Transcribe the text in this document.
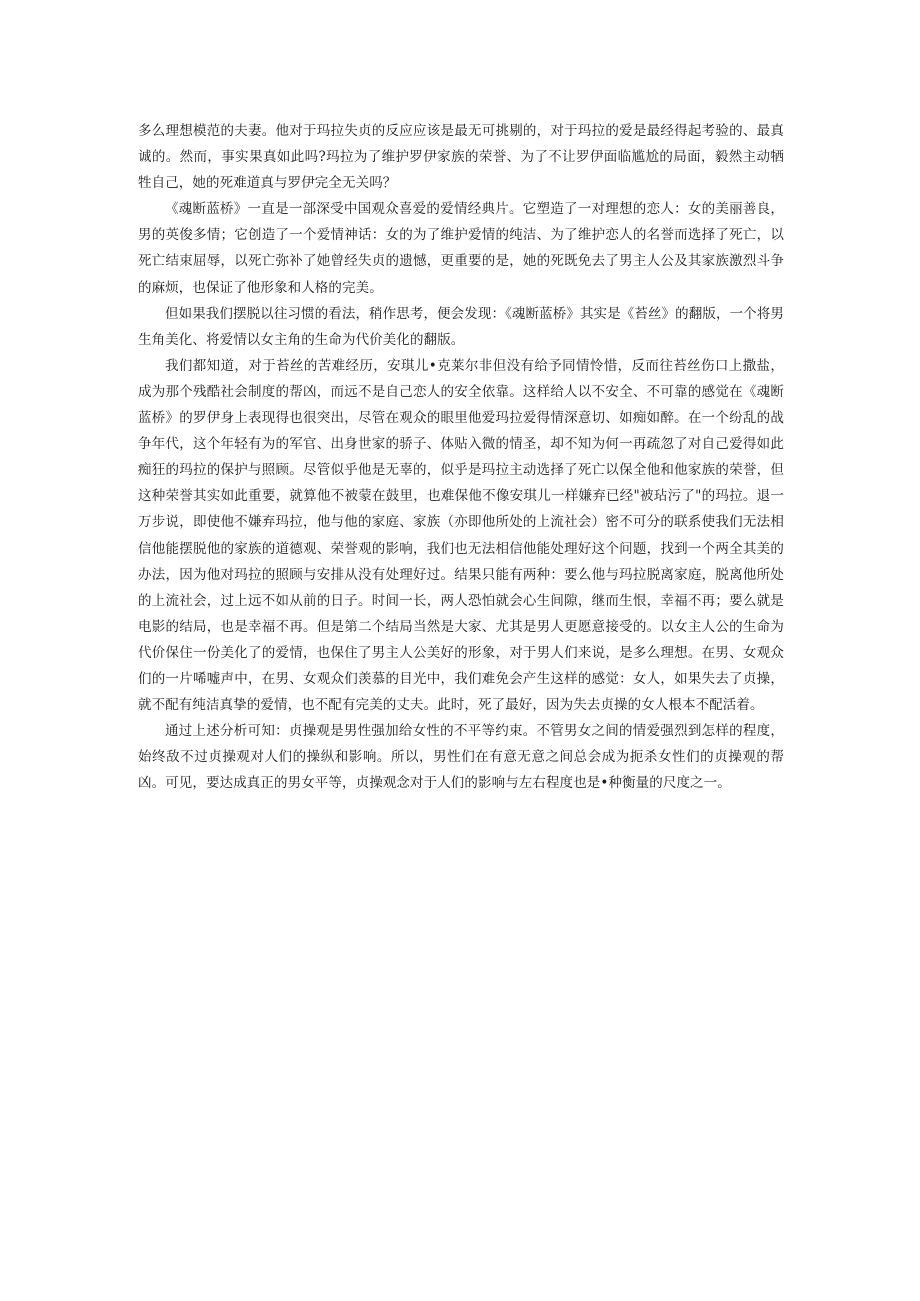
多么理想模范的夫妻。他对于玛拉失贞的反应应该是最无可挑剔的，对于玛拉的爱是最经得起考验的、最真诚的。然而，事实果真如此吗?玛拉为了维护罗伊家族的荣誉、为了不让罗伊面临尴尬的局面，毅然主动牺牲自己，她的死难道真与罗伊完全无关吗？

《魂断蓝桥》一直是一部深受中国观众喜爱的爱情经典片。它塑造了一对理想的恋人：女的美丽善良，男的英俊多情；它创造了一个爱情神话：女的为了维护爱情的纯洁、为了维护恋人的名誉而选择了死亡，以死亡结束屈辱，以死亡弥补了她曾经失贞的遗憾，更重要的是，她的死既免去了男主人公及其家族激烈斗争的麻烦，也保证了他形象和人格的完美。

但如果我们摆脱以往习惯的看法，稍作思考，便会发现：《魂断蓝桥》其实是《苔丝》的翻版，一个将男生角美化、将爱情以女主角的生命为代价美化的翻版。

我们都知道，对于苔丝的苦难经历，安琪儿•克莱尔非但没有给予同情怜惜，反而往苔丝伤口上撒盐，成为那个残酷社会制度的帮凶，而远不是自己恋人的安全依靠。这样给人以不安全、不可靠的感觉在《魂断蓝桥》的罗伊身上表现得也很突出，尽管在观众的眼里他爱玛拉爱得情深意切、如痴如醉。在一个纷乱的战争年代，这个年轻有为的军官、出身世家的骄子、体贴入微的情圣，却不知为何一再疏忽了对自己爱得如此痴狂的玛拉的保护与照顾。尽管似乎他是无辜的，似乎是玛拉主动选择了死亡以保全他和他家族的荣誉，但这种荣誉其实如此重要，就算他不被蒙在鼓里，也难保他不像安琪儿一样嫌弃已经"被玷污了"的玛拉。退一万步说，即使他不嫌弃玛拉，他与他的家庭、家族（亦即他所处的上流社会）密不可分的联系使我们无法相信他能摆脱他的家族的道德观、荣誉观的影响，我们也无法相信他能处理好这个问题，找到一个两全其美的办法，因为他对玛拉的照顾与安排从没有处理好过。结果只能有两种：要么他与玛拉脱离家庭，脱离他所处的上流社会，过上远不如从前的日子。时间一长，两人恐怕就会心生间隙，继而生恨，幸福不再；要么就是电影的结局，也是幸福不再。但是第二个结局当然是大家、尤其是男人更愿意接受的。以女主人公的生命为代价保住一份美化了的爱情，也保住了男主人公美好的形象，对于男人们来说，是多么理想。在男、女观众们的一片唏嘘声中，在男、女观众们羡慕的目光中，我们难免会产生这样的感觉：女人，如果失去了贞操，就不配有纯洁真挚的爱情，也不配有完美的丈夫。此时，死了最好，因为失去贞操的女人根本不配活着。

通过上述分析可知：贞操观是男性强加给女性的不平等约束。不管男女之间的情爱强烈到怎样的程度，始终敌不过贞操观对人们的操纵和影响。所以，男性们在有意无意之间总会成为扼杀女性们的贞操观的帮凶。可见，要达成真正的男女平等，贞操观念对于人们的影响与左右程度也是•种衡量的尺度之一。
